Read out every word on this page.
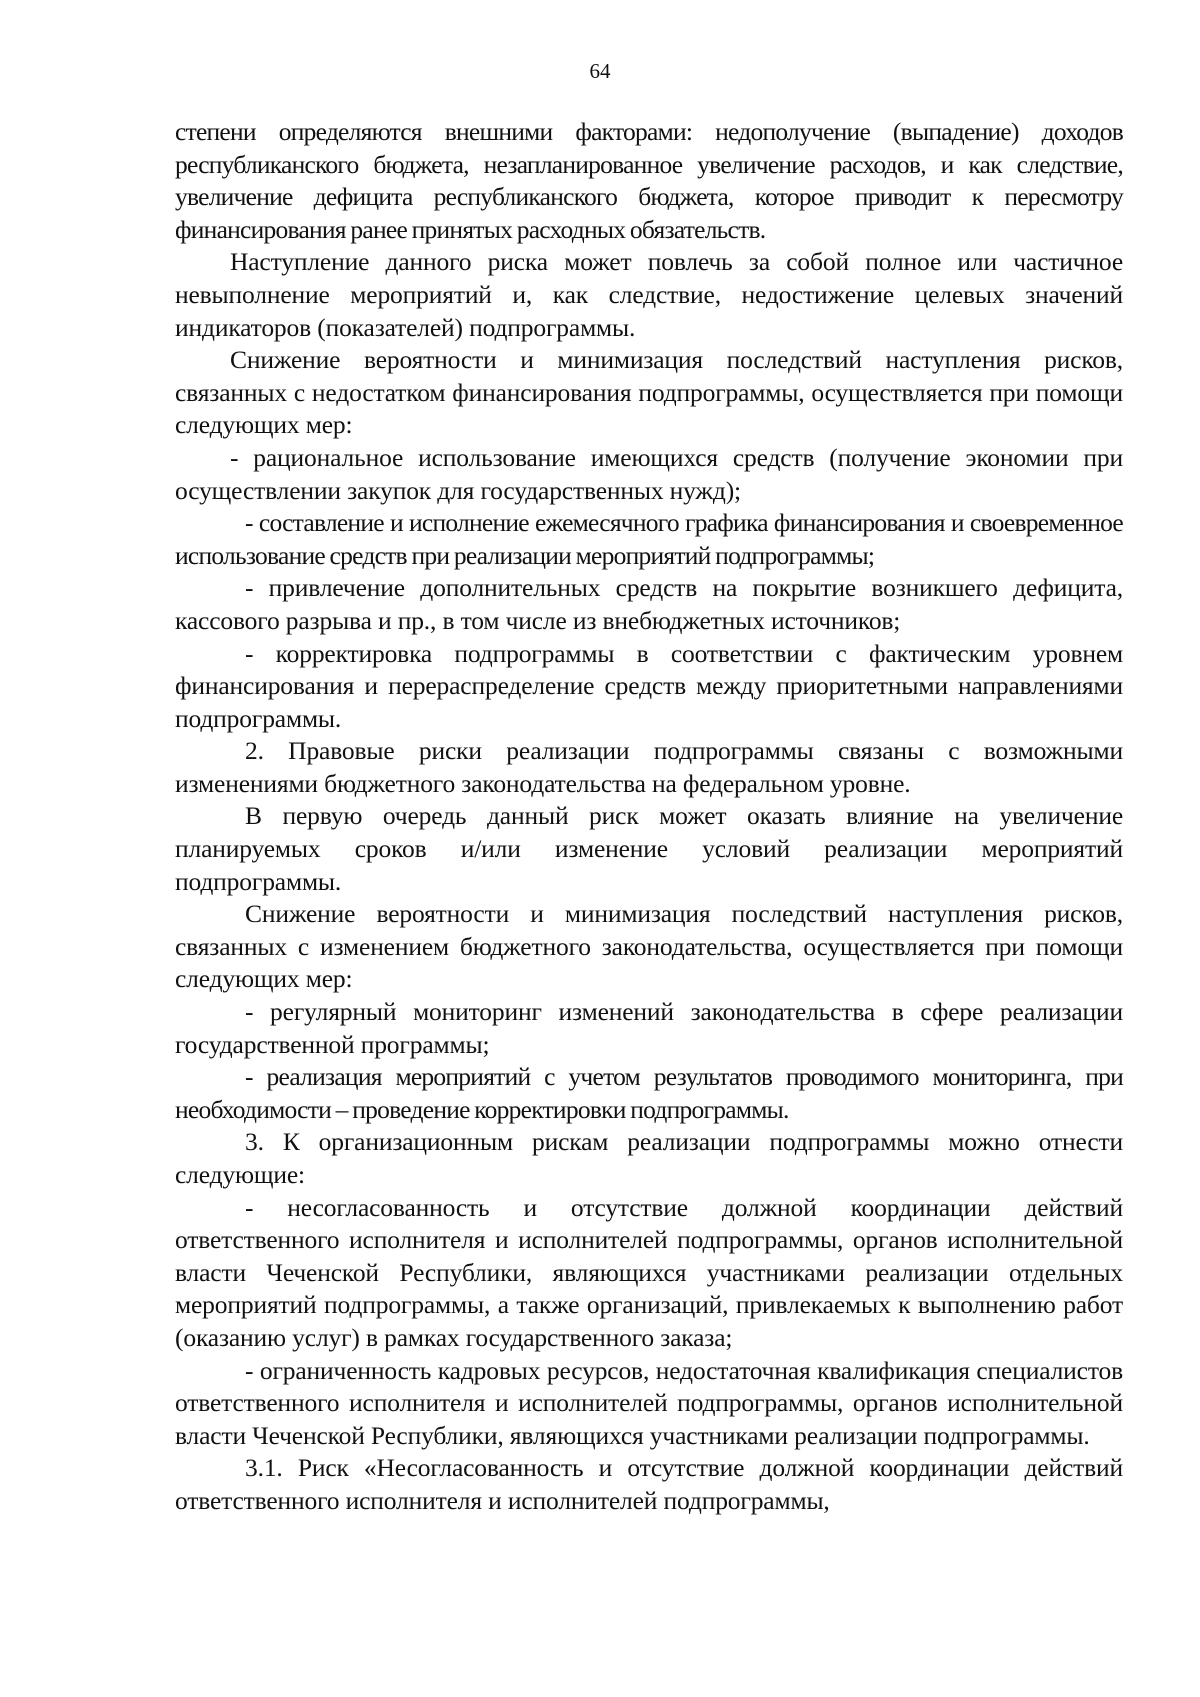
64

степени определяются внешними факторами: недополучение (выпадение) доходов республиканского бюджета, незапланированное увеличение расходов, и как следствие, увеличение дефицита республиканского бюджета, которое приводит к пересмотру финансирования ранее принятых расходных обязательств.

Наступление данного риска может повлечь за собой полное или частичное невыполнение мероприятий и, как следствие, недостижение целевых значений индикаторов (показателей) подпрограммы.

Снижение вероятности и минимизация последствий наступления рисков, связанных с недостатком финансирования подпрограммы, осуществляется при помощи следующих мер:

- рациональное использование имеющихся средств (получение экономии при осуществлении закупок для государственных нужд);

- составление и исполнение ежемесячного графика финансирования и своевременное использование средств при реализации мероприятий подпрограммы;

- привлечение дополнительных средств на покрытие возникшего дефицита, кассового разрыва и пр., в том числе из внебюджетных источников;

- корректировка подпрограммы в соответствии с фактическим уровнем финансирования и перераспределение средств между приоритетными направлениями подпрограммы.

2. Правовые риски реализации подпрограммы связаны с возможными изменениями бюджетного законодательства на федеральном уровне.

В первую очередь данный риск может оказать влияние на увеличение планируемых сроков и/или изменение условий реализации мероприятий подпрограммы.

Снижение вероятности и минимизация последствий наступления рисков, связанных с изменением бюджетного законодательства, осуществляется при помощи следующих мер:

- регулярный мониторинг изменений законодательства в сфере реализации государственной программы;

- реализация мероприятий с учетом результатов проводимого мониторинга, при необходимости – проведение корректировки подпрограммы.

3. К организационным рискам реализации подпрограммы можно отнести следующие:

- несогласованность и отсутствие должной координации действий ответственного исполнителя и исполнителей подпрограммы, органов исполнительной власти Чеченской Республики, являющихся участниками реализации отдельных мероприятий подпрограммы, а также организаций, привлекаемых к выполнению работ (оказанию услуг) в рамках государственного заказа;

- ограниченность кадровых ресурсов, недостаточная квалификация специалистов ответственного исполнителя и исполнителей подпрограммы, органов исполнительной власти Чеченской Республики, являющихся участниками реализации подпрограммы.

3.1. Риск «Несогласованность и отсутствие должной координации действий ответственного исполнителя и исполнителей подпрограммы,
